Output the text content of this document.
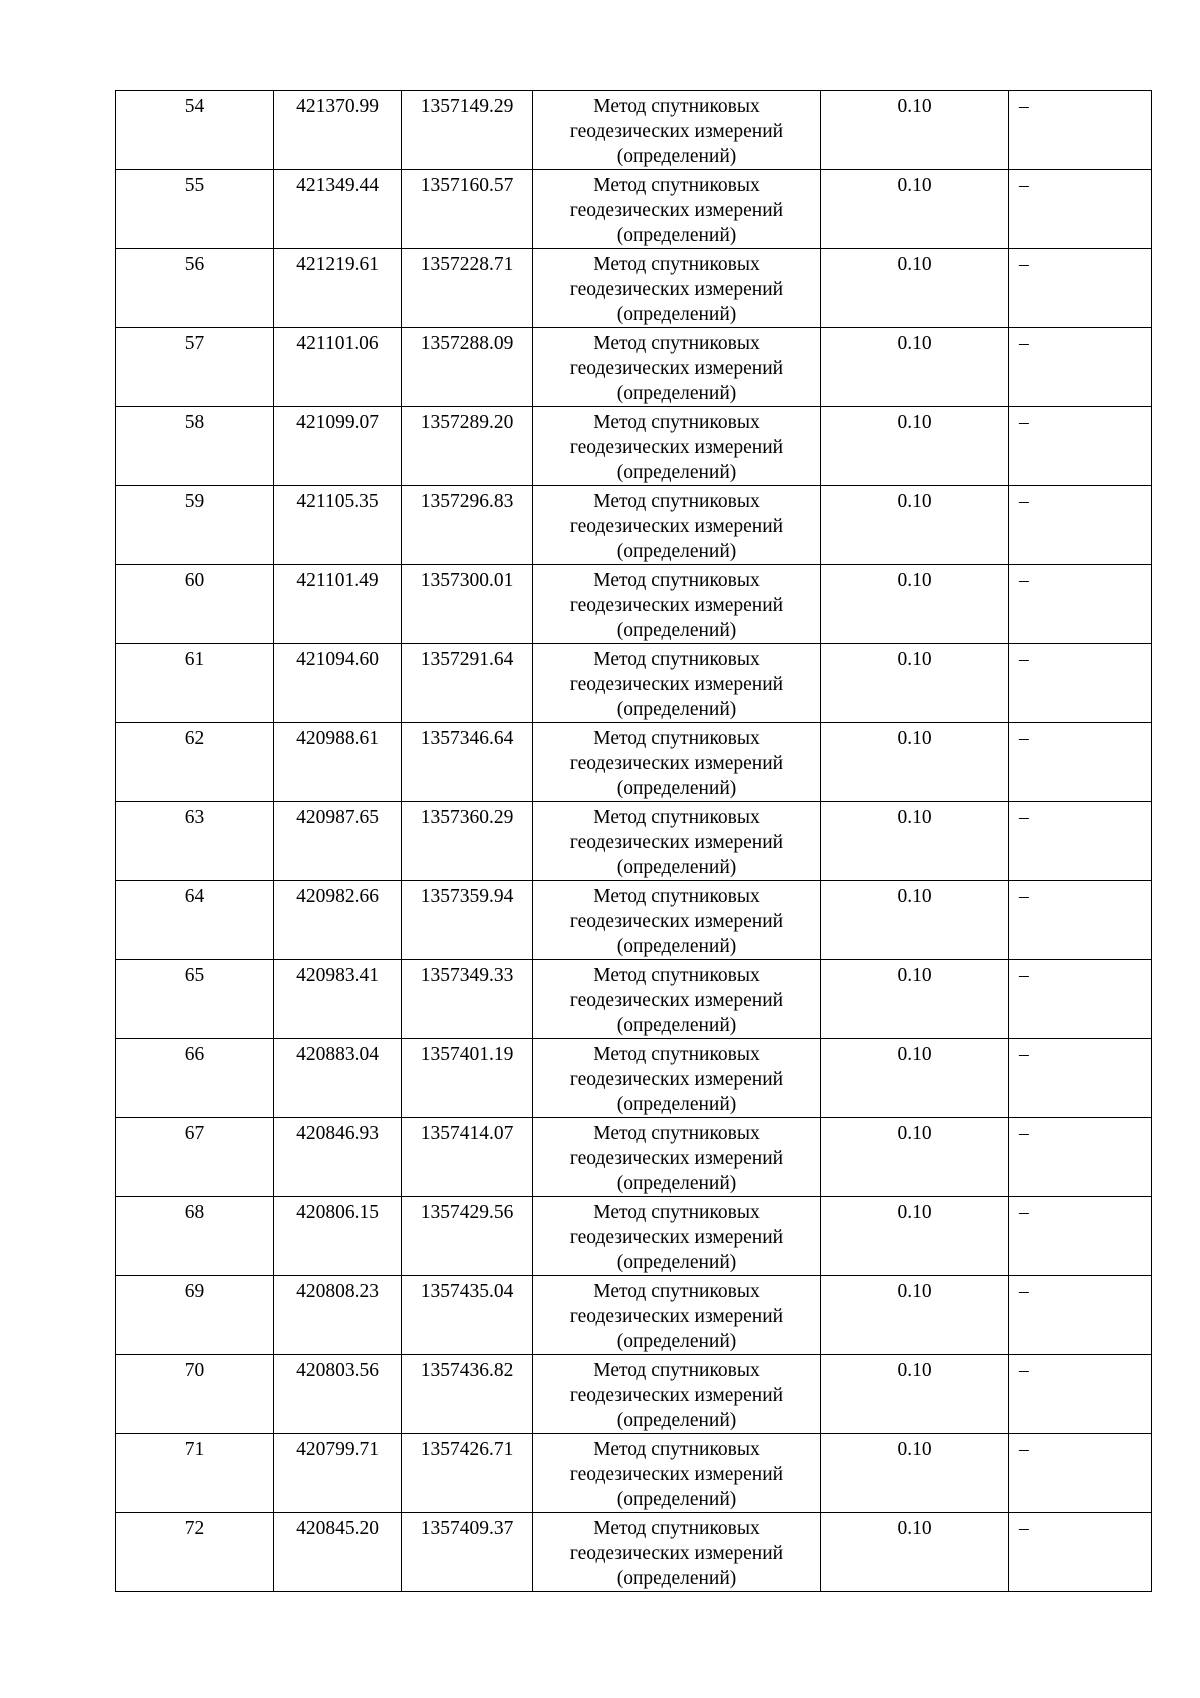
54	421370.99	1357149.29	Метод спутниковых геодезических измерений (определений)	0.10	–
55	421349.44	1357160.57	Метод спутниковых геодезических измерений (определений)	0.10	–
56	421219.61	1357228.71	Метод спутниковых геодезических измерений (определений)	0.10	–
57	421101.06	1357288.09	Метод спутниковых геодезических измерений (определений)	0.10	–
58	421099.07	1357289.20	Метод спутниковых геодезических измерений (определений)	0.10	–
59	421105.35	1357296.83	Метод спутниковых геодезических измерений (определений)	0.10	–
60	421101.49	1357300.01	Метод спутниковых геодезических измерений (определений)	0.10	–
61	421094.60	1357291.64	Метод спутниковых геодезических измерений (определений)	0.10	–
62	420988.61	1357346.64	Метод спутниковых геодезических измерений (определений)	0.10	–
63	420987.65	1357360.29	Метод спутниковых геодезических измерений (определений)	0.10	–
64	420982.66	1357359.94	Метод спутниковых геодезических измерений (определений)	0.10	–
65	420983.41	1357349.33	Метод спутниковых геодезических измерений (определений)	0.10	–
66	420883.04	1357401.19	Метод спутниковых геодезических измерений (определений)	0.10	–
67	420846.93	1357414.07	Метод спутниковых геодезических измерений (определений)	0.10	–
68	420806.15	1357429.56	Метод спутниковых геодезических измерений (определений)	0.10	–
69	420808.23	1357435.04	Метод спутниковых геодезических измерений (определений)	0.10	–
70	420803.56	1357436.82	Метод спутниковых геодезических измерений (определений)	0.10	–
71	420799.71	1357426.71	Метод спутниковых геодезических измерений (определений)	0.10	–
72	420845.20	1357409.37	Метод спутниковых геодезических измерений (определений)	0.10	–
